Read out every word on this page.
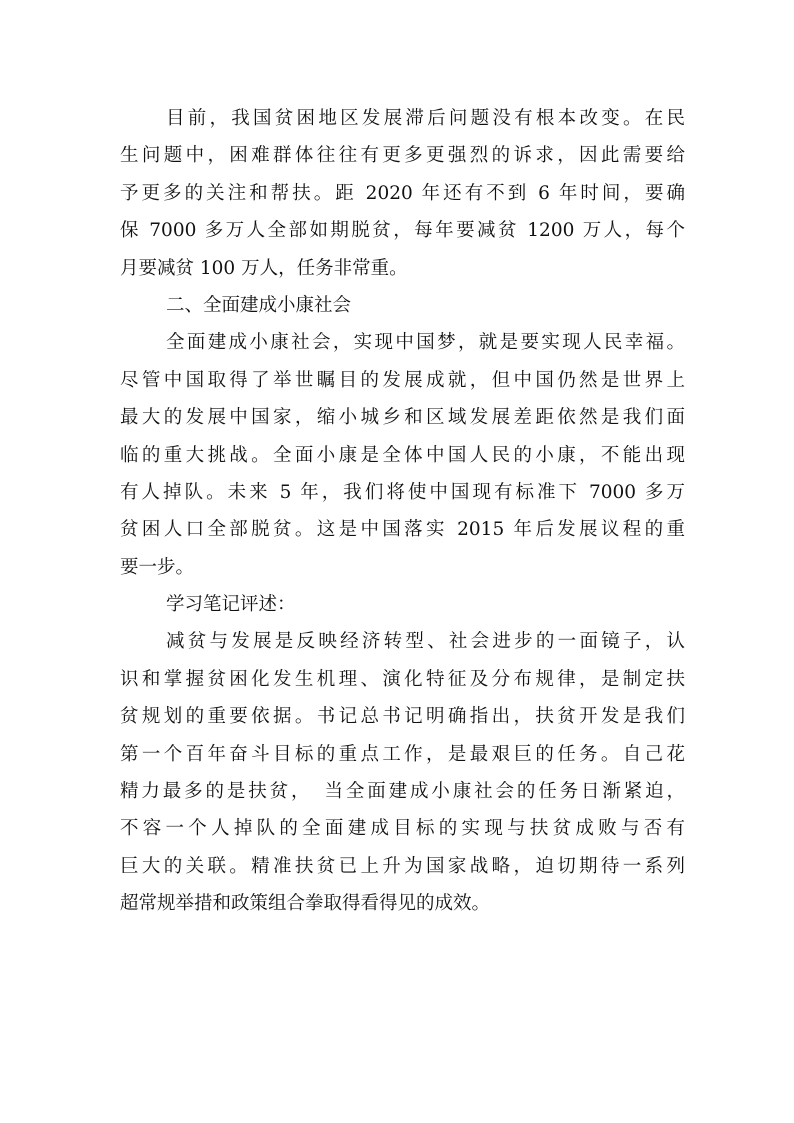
目前，我国贫困地区发展滞后问题没有根本改变。在民
生问题中，困难群体往往有更多更强烈的诉求，因此需要给
予更多的关注和帮扶。距 2020 年还有不到 6 年时间，要确
保 7000 多万人全部如期脱贫，每年要减贫 1200 万人，每个
月要减贫 100 万人，任务非常重。
二、全面建成小康社会
全面建成小康社会，实现中国梦，就是要实现人民幸福。
尽管中国取得了举世瞩目的发展成就，但中国仍然是世界上
最大的发展中国家，缩小城乡和区域发展差距依然是我们面
临的重大挑战。全面小康是全体中国人民的小康，不能出现
有人掉队。未来 5 年，我们将使中国现有标准下 7000 多万
贫困人口全部脱贫。这是中国落实 2015 年后发展议程的重
要一步。
学习笔记评述：
减贫与发展是反映经济转型、社会进步的一面镜子，认
识和掌握贫困化发生机理、演化特征及分布规律，是制定扶
贫规划的重要依据。书记总书记明确指出，扶贫开发是我们
第一个百年奋斗目标的重点工作，是最艰巨的任务。自己花
精力最多的是扶贫，　当全面建成小康社会的任务日渐紧迫，
不容一个人掉队的全面建成目标的实现与扶贫成败与否有
巨大的关联。精准扶贫已上升为国家战略，迫切期待一系列
超常规举措和政策组合拳取得看得见的成效。
